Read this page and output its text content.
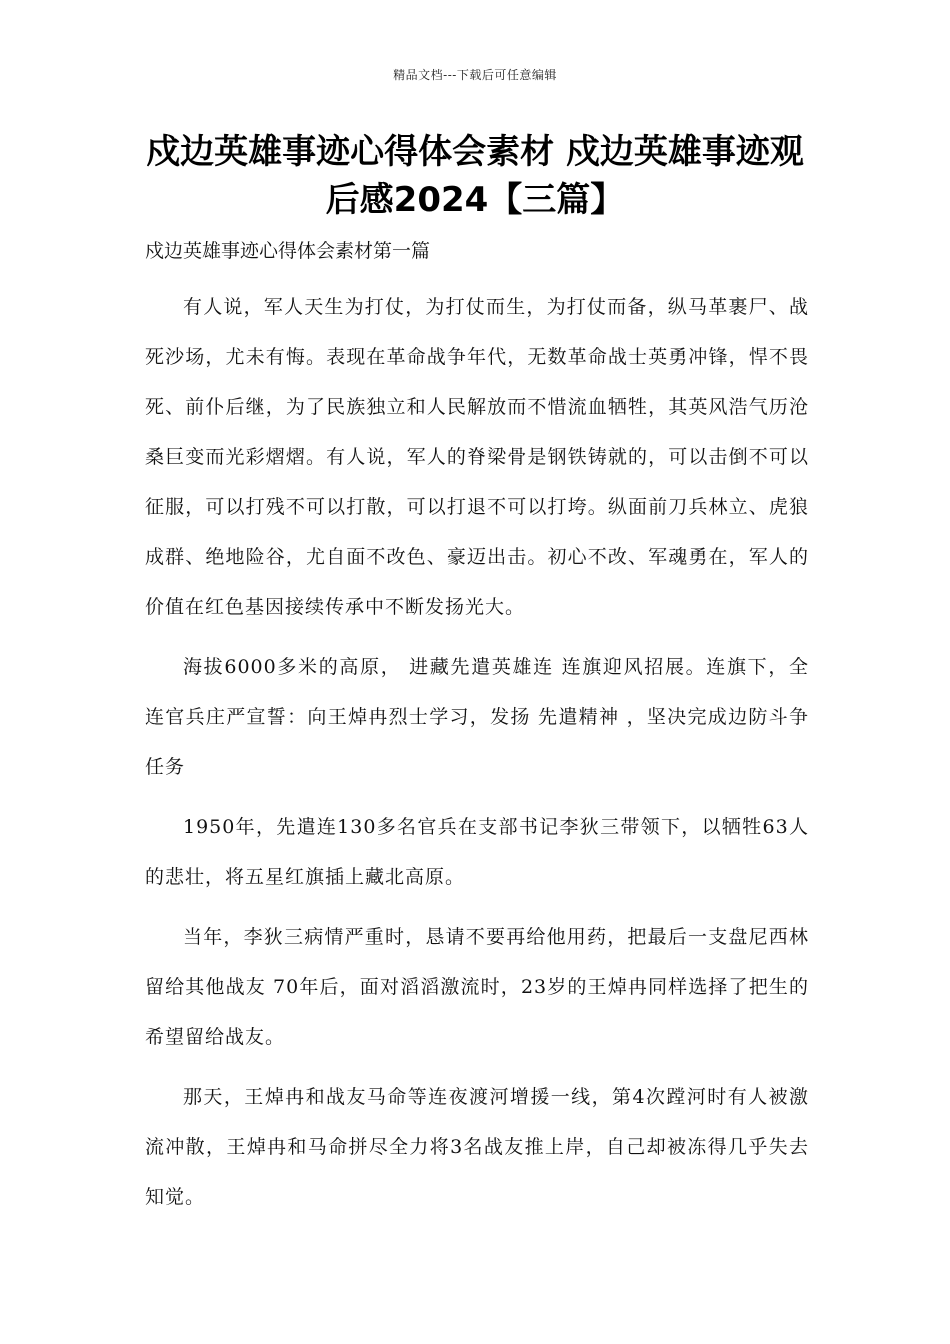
精品文档---下载后可任意编辑
戍边英雄事迹心得体会素材 戍边英雄事迹观后感2024【三篇】
戍边英雄事迹心得体会素材第一篇

有人说，军人天生为打仗，为打仗而生，为打仗而备，纵马革裹尸、战死沙场，尤未有悔。表现在革命战争年代，无数革命战士英勇冲锋，悍不畏死、前仆后继，为了民族独立和人民解放而不惜流血牺牲，其英风浩气历沧桑巨变而光彩熠熠。有人说，军人的脊梁骨是钢铁铸就的，可以击倒不可以征服，可以打残不可以打散，可以打退不可以打垮。纵面前刀兵林立、虎狼成群、绝地险谷，尤自面不改色、豪迈出击。初心不改、军魂勇在，军人的价值在红色基因接续传承中不断发扬光大。

海拔6000多米的高原， 进藏先遣英雄连 连旗迎风招展。连旗下，全连官兵庄严宣誓：向王焯冉烈士学习，发扬 先遣精神 ，坚决完成边防斗争任务

1950年，先遣连130多名官兵在支部书记李狄三带领下，以牺牲63人的悲壮，将五星红旗插上藏北高原。

当年，李狄三病情严重时，恳请不要再给他用药，把最后一支盘尼西林留给其他战友 70年后，面对滔滔激流时，23岁的王焯冉同样选择了把生的希望留给战友。

那天，王焯冉和战友马命等连夜渡河增援一线，第4次蹚河时有人被激流冲散，王焯冉和马命拼尽全力将3名战友推上岸，自己却被冻得几乎失去知觉。
